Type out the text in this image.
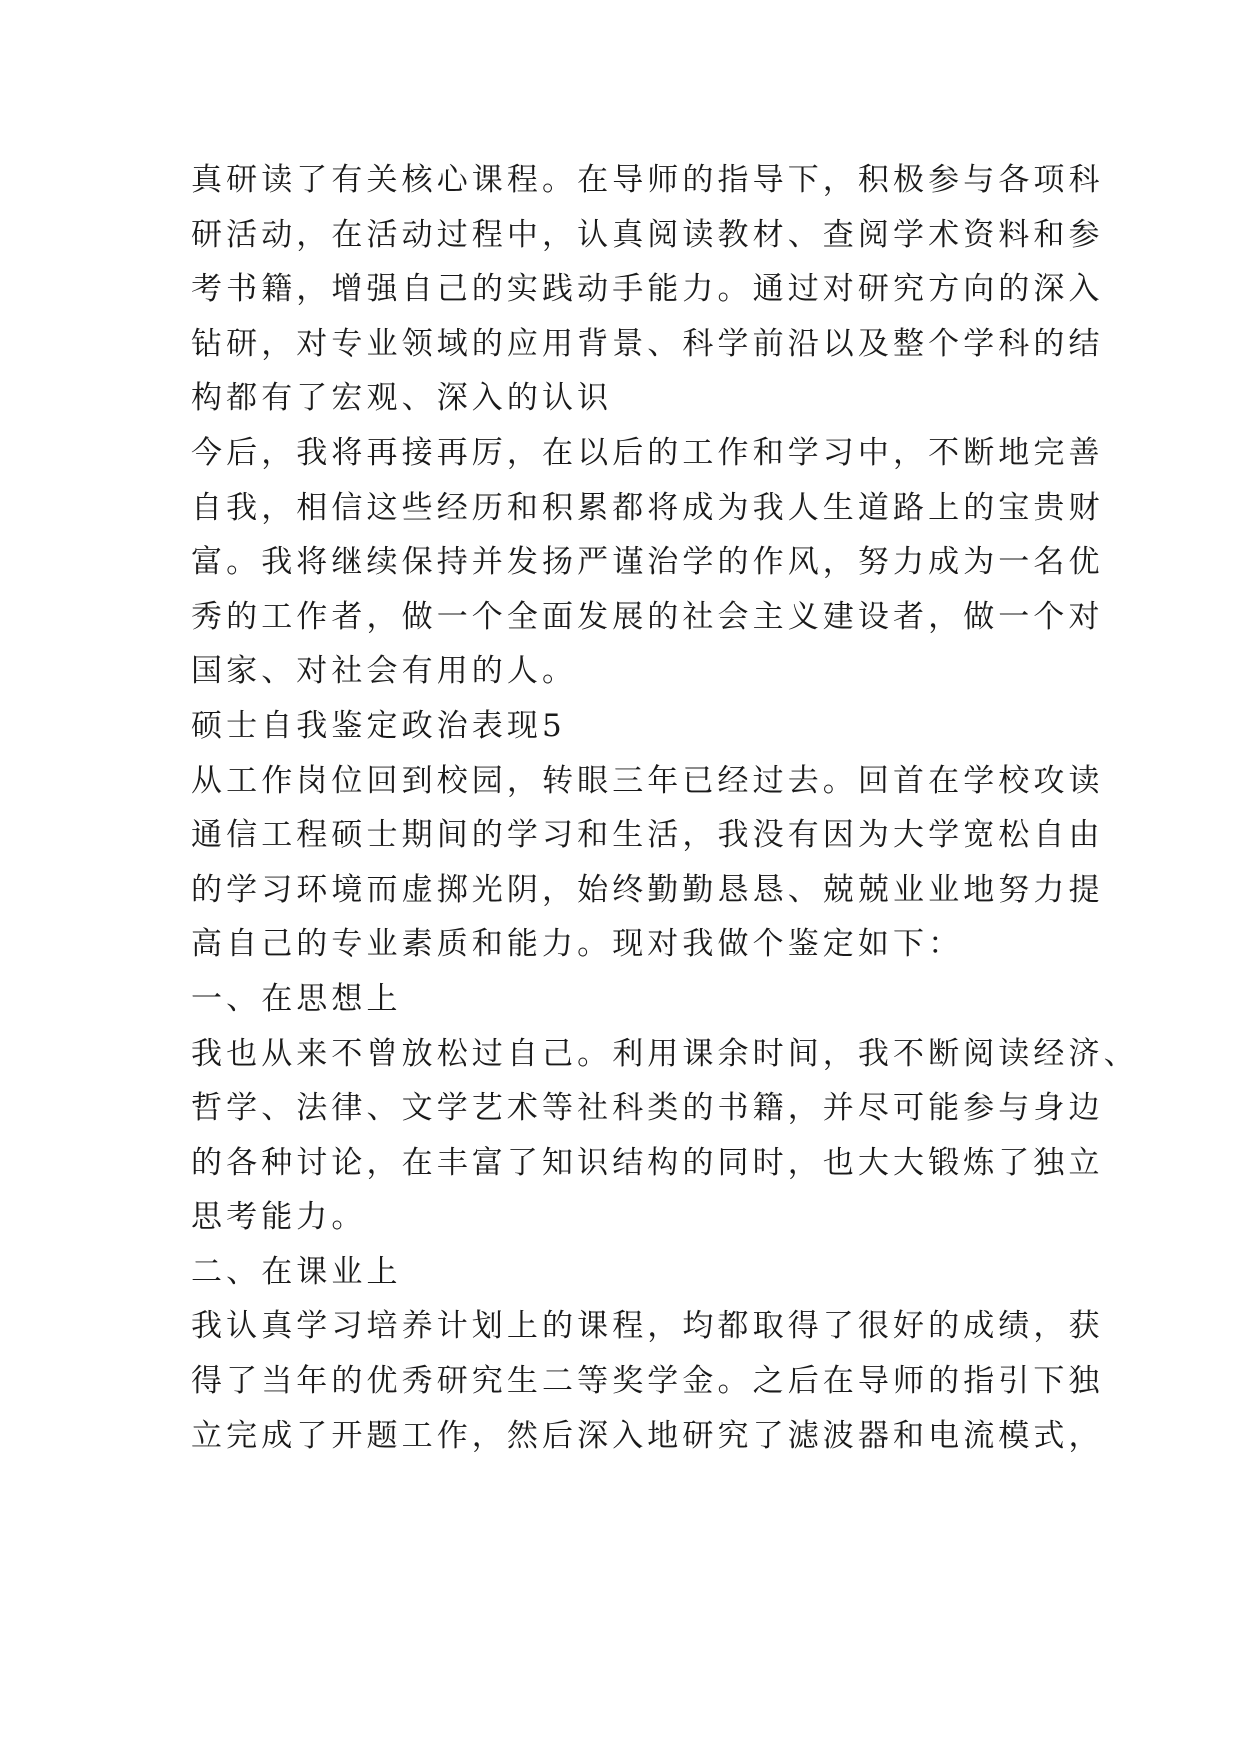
真研读了有关核心课程。在导师的指导下，积极参与各项科
研活动，在活动过程中，认真阅读教材、查阅学术资料和参
考书籍，增强自己的实践动手能力。通过对研究方向的深入
钻研，对专业领域的应用背景、科学前沿以及整个学科的结
构都有了宏观、深入的认识
今后，我将再接再厉，在以后的工作和学习中，不断地完善
自我，相信这些经历和积累都将成为我人生道路上的宝贵财
富。我将继续保持并发扬严谨治学的作风，努力成为一名优
秀的工作者，做一个全面发展的社会主义建设者，做一个对
国家、对社会有用的人。
硕士自我鉴定政治表现5
从工作岗位回到校园，转眼三年已经过去。回首在学校攻读
通信工程硕士期间的学习和生活，我没有因为大学宽松自由
的学习环境而虚掷光阴，始终勤勤恳恳、兢兢业业地努力提
高自己的专业素质和能力。现对我做个鉴定如下：
一、在思想上
我也从来不曾放松过自己。利用课余时间，我不断阅读经济、
哲学、法律、文学艺术等社科类的书籍，并尽可能参与身边
的各种讨论，在丰富了知识结构的同时，也大大锻炼了独立
思考能力。
二、在课业上
我认真学习培养计划上的课程，均都取得了很好的成绩，获
得了当年的优秀研究生二等奖学金。之后在导师的指引下独
立完成了开题工作，然后深入地研究了滤波器和电流模式，
